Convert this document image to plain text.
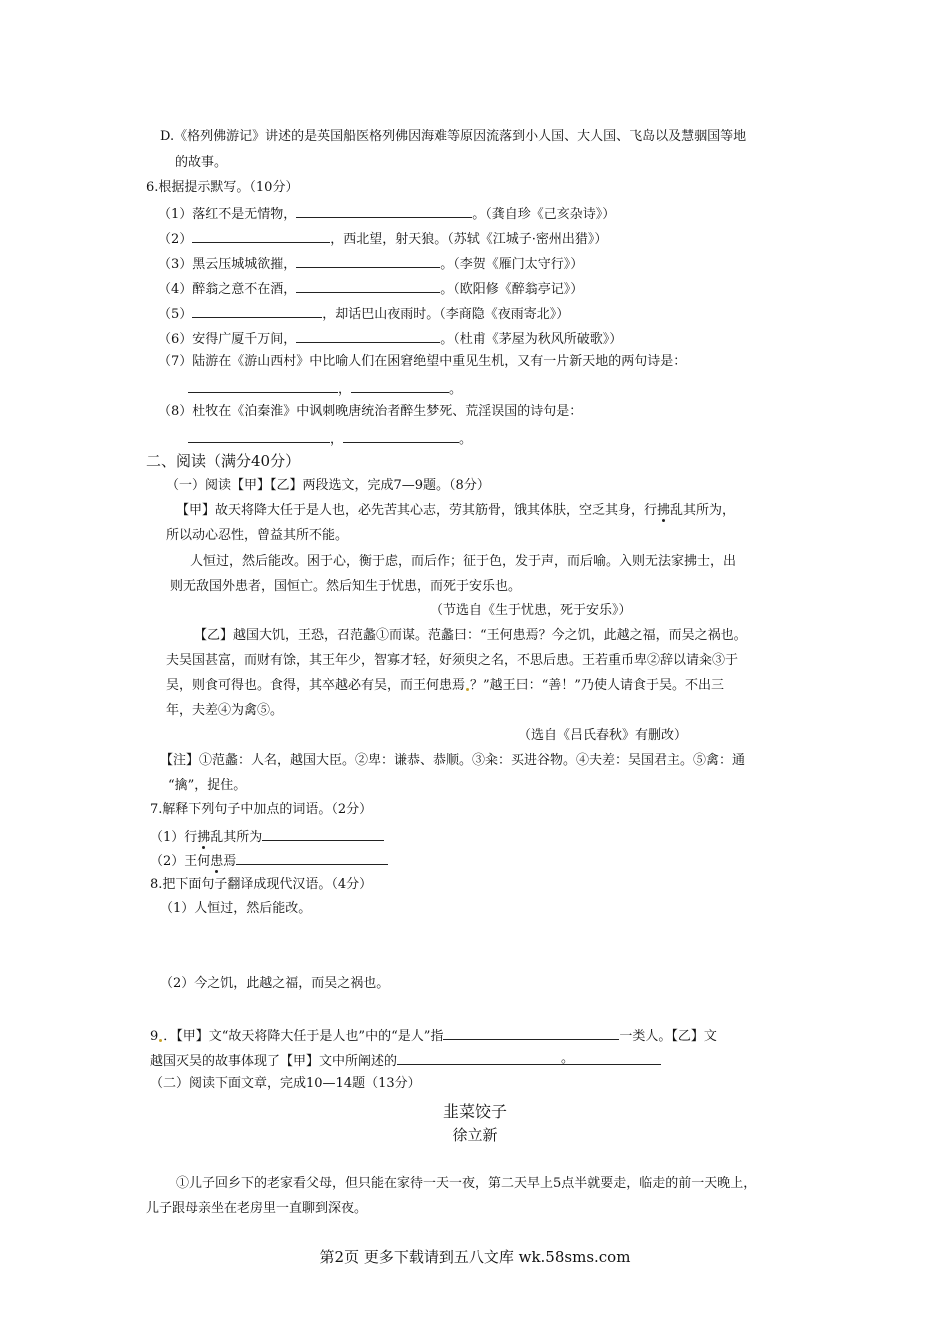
D.《格列佛游记》讲述的是英国船医格列佛因海难等原因流落到小人国、大人国、飞岛以及慧骃国等地
的故事。
6.根据提示默写。（10分）
（1）落红不是无情物，	。（龚自珍《己亥杂诗》）
（2）	，西北望，射天狼。（苏轼《江城子·密州出猎》）
（3）黑云压城城欲摧，	。（李贺《雁门太守行》）
（4）醉翁之意不在酒，	。（欧阳修《醉翁亭记》）
（5）	，却话巴山夜雨时。（李商隐《夜雨寄北》）
（6）安得广厦千万间，	。（杜甫《茅屋为秋风所破歌》）
（7）陆游在《游山西村》中比喻人们在困窘绝望中重见生机，又有一片新天地的两句诗是：
，	。
（8）杜牧在《泊秦淮》中讽刺晚唐统治者醉生梦死、荒淫误国的诗句是：
，	。
二、阅读（满分40分）
（一）阅读【甲】【乙】两段选文，完成7—9题。（8分）
【甲】故天将降大任于是人也，必先苦其心志，劳其筋骨，饿其体肤，空乏其身，行拂乱其所为，
所以动心忍性，曾益其所不能。
人恒过，然后能改。困于心，衡于虑，而后作；征于色，发于声，而后喻。入则无法家拂士，出
则无敌国外患者，国恒亡。然后知生于忧患，而死于安乐也。
（节选自《生于忧患，死于安乐》）
【乙】越国大饥，王恐，召范蠡①而谋。范蠡曰：“王何患焉？今之饥，此越之福，而吴之祸也。
夫吴国甚富，而财有馀，其王年少，智寡才轻，好须臾之名，不思后患。王若重币卑②辞以请籴③于
吴，则食可得也。食得，其卒越必有吴，而王何患焉 ？”越王曰：“善！”乃使人请食于吴。不出三
年，夫差④为禽⑤。
（选自《吕氏春秋》有删改）
【注】①范蠡：人名，越国大臣。②卑：谦恭、恭顺。③籴：买进谷物。④夫差：吴国君主。⑤禽：通
“擒”，捉住。
7.解释下列句子中加点的词语。（2分）
（1）行拂乱其所为
（2）王何患焉
8.把下面句子翻译成现代汉语。（4分）
（1）人恒过，然后能改。
（2）今之饥，此越之福，而吴之祸也。
9 ．【甲】文“故天将降大任于是人也”中的“是人”指	一类人。【乙】文
越国灭吴的故事体现了【甲】文中所阐述的	。
（二）阅读下面文章，完成10—14题（13分）
韭菜饺子
徐立新
①儿子回乡下的老家看父母，但只能在家待一天一夜，第二天早上5点半就要走，临走的前一天晚上，
儿子跟母亲坐在老房里一直聊到深夜。
第2页 更多下载请到五八文库 wk.58sms.com
